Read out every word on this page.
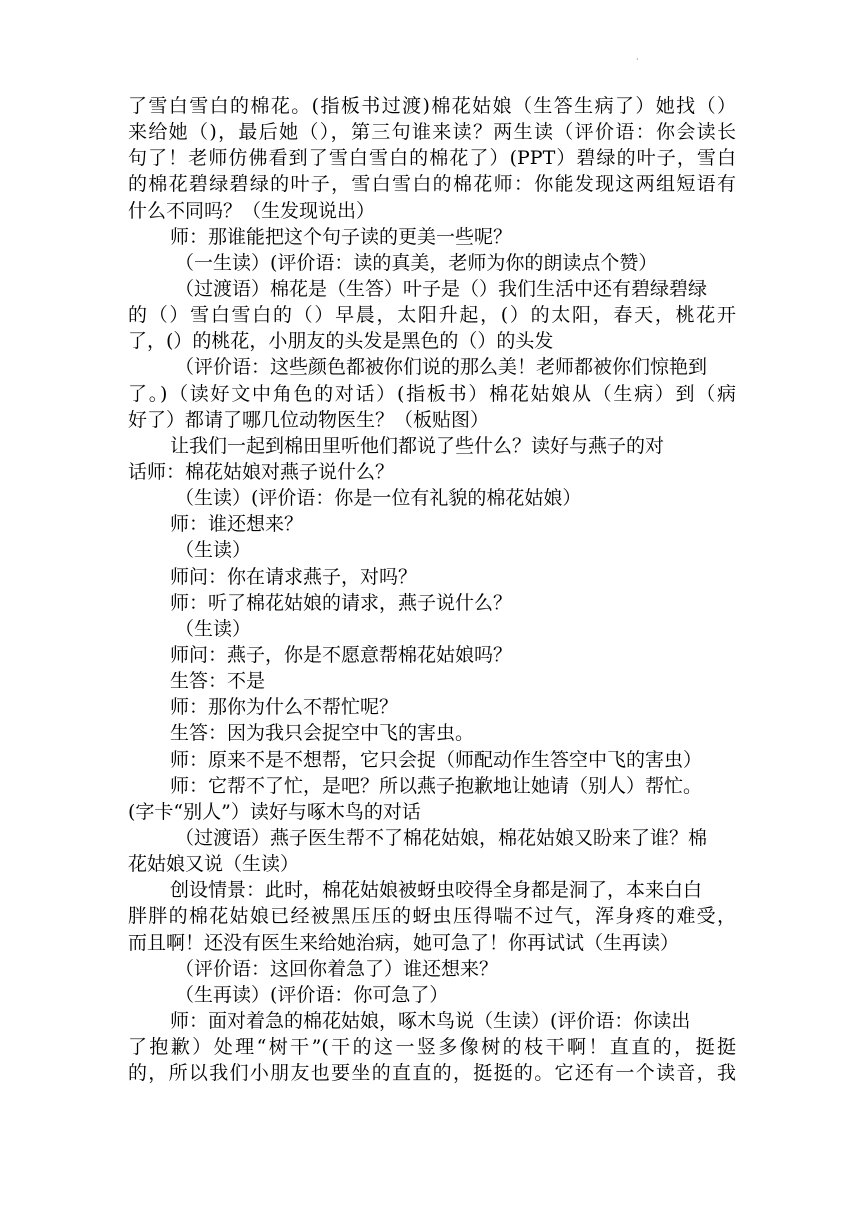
·
了雪白雪白的棉花。(指板书过渡)棉花姑娘（生答生病了）她找（）
来给她（)，最后她（），第三句谁来读？两生读（评价语：你会读长
句了！老师仿佛看到了雪白雪白的棉花了）(PPT）碧绿的叶子，雪白
的棉花碧绿碧绿的叶子，雪白雪白的棉花师：你能发现这两组短语有
什么不同吗？（生发现说出）
师：那谁能把这个句子读的更美一些呢？
（一生读）(评价语：读的真美，老师为你的朗读点个赞）
（过渡语）棉花是（生答）叶子是（）我们生活中还有碧绿碧绿
的（）雪白雪白的（）早晨，太阳升起，(）的太阳，春天，桃花开
了，(）的桃花，小朋友的头发是黑色的（）的头发
（评价语：这些颜色都被你们说的那么美！老师都被你们惊艳到
了。)（读好文中角色的对话）(指板书）棉花姑娘从（生病）到（病
好了）都请了哪几位动物医生？（板贴图）
让我们一起到棉田里听他们都说了些什么？读好与燕子的对
话师：棉花姑娘对燕子说什么？
（生读）(评价语：你是一位有礼貌的棉花姑娘）
师：谁还想来？
（生读）
师问：你在请求燕子，对吗？
师：听了棉花姑娘的请求，燕子说什么？
（生读）
师问：燕子，你是不愿意帮棉花姑娘吗？
生答：不是
师：那你为什么不帮忙呢？
生答：因为我只会捉空中飞的害虫。
师：原来不是不想帮，它只会捉（师配动作生答空中飞的害虫）
师：它帮不了忙，是吧？所以燕子抱歉地让她请（别人）帮忙。
(字卡“别人”）读好与啄木鸟的对话
（过渡语）燕子医生帮不了棉花姑娘，棉花姑娘又盼来了谁？棉
花姑娘又说（生读）
创设情景：此时，棉花姑娘被蚜虫咬得全身都是洞了，本来白白
胖胖的棉花姑娘已经被黑压压的蚜虫压得喘不过气，浑身疼的难受，
而且啊！还没有医生来给她治病，她可急了！你再试试（生再读）
（评价语：这回你着急了）谁还想来？
（生再读）(评价语：你可急了）
师：面对着急的棉花姑娘，啄木鸟说（生读）(评价语：你读出
了抱歉）处理“树干”(干的这一竖多像树的枝干啊！直直的，挺挺
的，所以我们小朋友也要坐的直直的，挺挺的。它还有一个读音，我
